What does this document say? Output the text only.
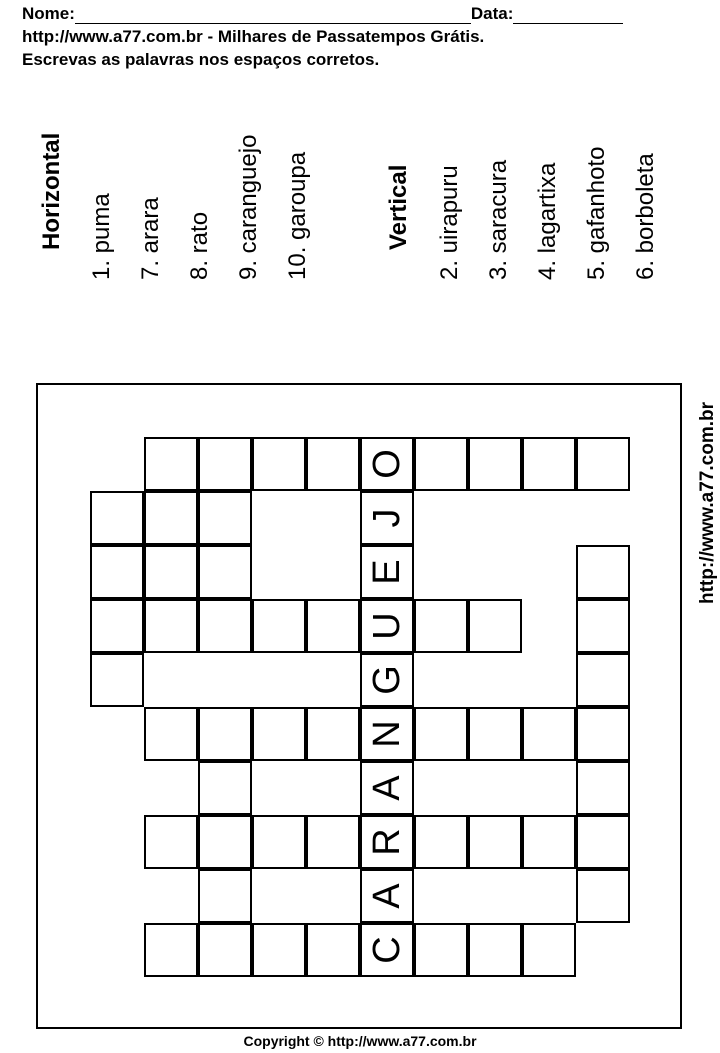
Nome:	Data:
http://www.a77.com.br - Milhares de Passatempos Grátis.
Escrevas as palavras nos espaços corretos.
Horizontal 1. puma 7. arara 8. rato 9. caranguejo 10. garoupa	Vertical 2. uirapuru 3. saracura 4. lagartixa 5. gafanhoto 6. borboleta
C
A
R
A
N
G
U
E
J
O	http://www.a77.com.br
Copyright © http://www.a77.com.br
